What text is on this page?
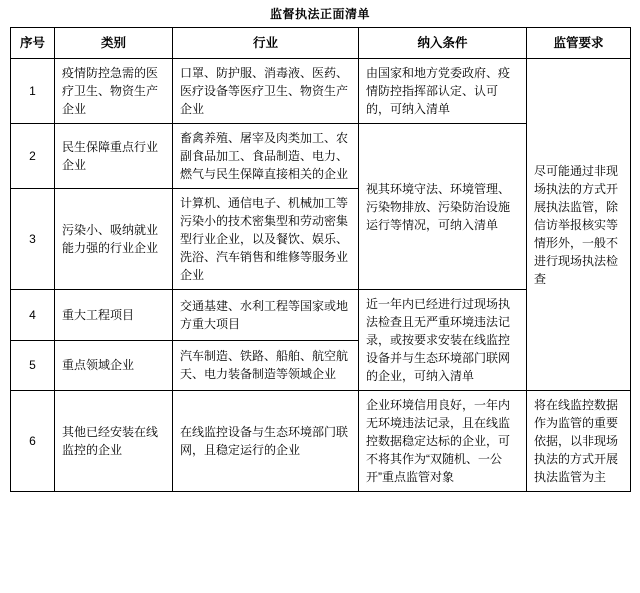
监督执法正面清单
序号	类别	行业	纳入条件	监管要求
1	疫情防控急需的医疗卫生、物资生产企业	口罩、防护服、消毒液、医药、医疗设备等医疗卫生、物资生产企业	由国家和地方党委政府、疫情防控指挥部认定、认可的，可纳入清单	尽可能通过非现场执法的方式开展执法监管，除信访举报核实等情形外，一般不进行现场执法检查
2	民生保障重点行业企业	畜禽养殖、屠宰及肉类加工、农副食品加工、食品制造、电力、燃气与民生保障直接相关的企业	视其环境守法、环境管理、污染物排放、污染防治设施运行等情况，可纳入清单	
3	污染小、吸纳就业能力强的行业企业	计算机、通信电子、机械加工等污染小的技术密集型和劳动密集型行业企业，以及餐饮、娱乐、洗浴、汽车销售和维修等服务业企业		
4	重大工程项目	交通基建、水利工程等国家或地方重大项目	近一年内已经进行过现场执法检查且无严重环境违法记录，或按要求安装在线监控设备并与生态环境部门联网的企业，可纳入清单	
5	重点领域企业	汽车制造、铁路、船舶、航空航天、电力装备制造等领域企业		
6	其他已经安装在线监控的企业	在线监控设备与生态环境部门联网，且稳定运行的企业	企业环境信用良好，一年内无环境违法记录，且在线监控数据稳定达标的企业，可不将其作为“双随机、一公开”重点监管对象	将在线监控数据作为监管的重要依据，以非现场执法的方式开展执法监管为主
